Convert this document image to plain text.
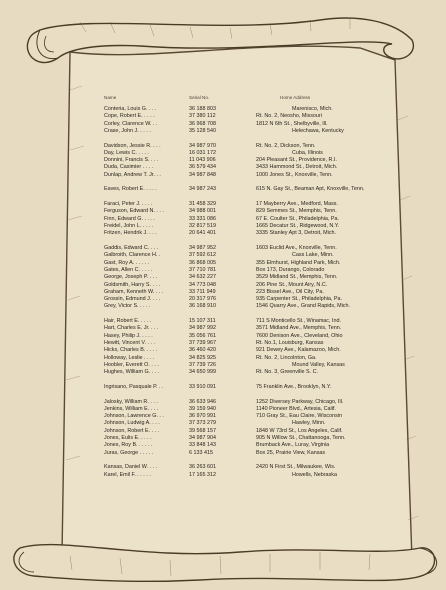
Name	Serial No.	Home Address
Conteria, Louis G. . . .	36 188 803	Marenisco, Mich.
Cope, Robert E. . . . .	37 380 112	Rt. No. 2, Neosho, Missouri
Corley, Clarence W. . .	36 968 708	1812 N 6th St., Shelbyville, Ill.
Crase, John J. . . . .	35 128 540	Helechawa, Kentucky
Davidson, Jessie R. . . .	34 987 970	Rt. No. 2, Dickson, Tenn.
Day, Lewis C. . . . .	16 031 172	Cuba, Illinois
Donnini, Francis S. . . .	11 043 906	204 Pleasant St., Providence, R.I.
Duda, Casimier . . . .	36 579 434	3433 Hammond St., Detroit, Mich.
Dunlap, Andrew T. Jr. . .	34 987 848	1000 Jones St., Knoxville, Tenn.
Eaves, Robert E. . . . .	34 987 243	615 N. Gay St., Beaman Apt, Knoxville, Tenn.
Faraci, Peter J. . . . .	31 458 329	17 Mayberry Ave., Medford, Mass.
Ferguson, Edward N. . . .	34 988 001	829 Semmes St., Memphis, Tenn.
Finn, Edward G. . . . .	33 331 086	67 E. Coulter St., Philadelphia, Pa.
Freidel, John L. . . . .	32 817 519	1665 Decatur St., Ridgewood, N.Y.
Fritzen, Hendrik J. . . .	20 641 401	3335 Stanley Apt 3, Detroit, Mich.
Gaddis, Edward C. . . .	34 987 952	1603 Euclid Ave., Knoxville, Tenn.
Galbroith, Clarence H. .	37 592 612	Cass Lake, Minn.
Gast, Roy A. . . . . .	36 868 005	355 Elmhurst, Highland Park, Mich.
Gates, Allen C. . . . .	37 710 781	Box 173, Durango, Colorado
George, Joseph P. . . .	34 632 227	3529 Midland St., Memphis, Tenn.
Goldsmith, Harry S. . . .	34 773 048	206 Pine St., Mount Airy, N.C.
Graham, Kenneth W. . . .	33 711 949	223 Bissel Ave., Oil City, Pa.
Grossin, Edmund J. . . .	20 317 976	935 Carpenter St., Philadelphia, Pa.
Grey, Victor S. . . . .	36 168 910	1546 Quarry Ave., Grand Rapids, Mich.
Hair, Robert E. . . . .	15 107 311	711 S Monticello St., Winamac, Ind.
Hart, Charles E. Jr. . . .	34 987 992	3571 Midland Ave., Memphis, Tenn.
Hasey, Philip J. . . . .	35 056 761	7600 Denison Ave., Cleveland, Ohio
Hewitt, Vincent V. . . .	37 739 967	Rt. No.1, Louisburg, Kansas
Hicks, Charles B. . . . .	36 460 420	921 Dewey Ave., Kalamazoo, Mich.
Holloway, Leslie . . . .	34 825 925	Rt. No. 2, Lincolnton, Ga.
Hoobler, Everett O. . . .	37 739 726	Mound Valley, Kansas
Hughes, William G. . . .	34 650 999	Rt. No. 3, Greenville S. C.
Ingrisano, Pasquale P. . .	33 910 091	75 Franklin Ave., Brooklyn, N.Y.
Jalosky, William R. . . .	36 633 946	1252 Diversey Parkway, Chicago, Ill.
Jenkins, William E. . . .	39 159 940	1140 Pioneer Blvd., Artesia, Calif.
Johnson, Lawrence G. . .	36 970 991	710 Gray St., Eau Claire, Wisconsin
Johnson, Ludwig A. . . .	37 373 279	Hawley, Minn.
Johnson, Robert E. . . .	39 568 157	1848 W 73rd St., Los Angeles, Calif.
Jones, Eulis E. . . . .	34 987 904	905 N Willow St., Chattanooga, Tenn.
Jones, Roy B. . . . . .	33 848 143	Brumback Ave., Luray, Virginia
Juras, George . . . . .	6 133 415	Box 25, Prairie View, Kansas
Kansas, Daniel W. . . .	36 263 601	2420 N First St., Milwaukee, Wis.
Karel, Emil F. . . . . .	17 165 312	Howells, Nebraska
